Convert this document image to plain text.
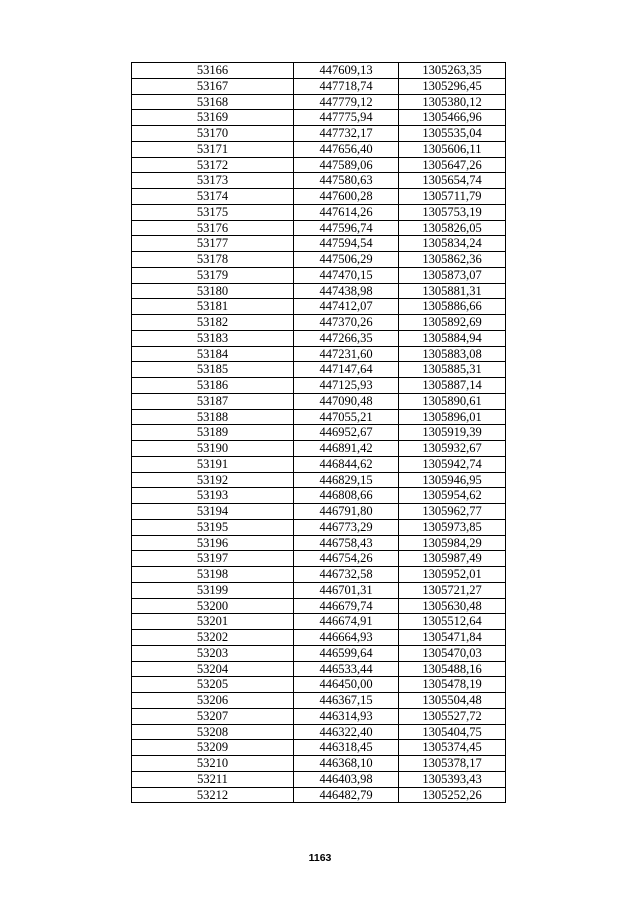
53166	447609,13	1305263,35
53167	447718,74	1305296,45
53168	447779,12	1305380,12
53169	447775,94	1305466,96
53170	447732,17	1305535,04
53171	447656,40	1305606,11
53172	447589,06	1305647,26
53173	447580,63	1305654,74
53174	447600,28	1305711,79
53175	447614,26	1305753,19
53176	447596,74	1305826,05
53177	447594,54	1305834,24
53178	447506,29	1305862,36
53179	447470,15	1305873,07
53180	447438,98	1305881,31
53181	447412,07	1305886,66
53182	447370,26	1305892,69
53183	447266,35	1305884,94
53184	447231,60	1305883,08
53185	447147,64	1305885,31
53186	447125,93	1305887,14
53187	447090,48	1305890,61
53188	447055,21	1305896,01
53189	446952,67	1305919,39
53190	446891,42	1305932,67
53191	446844,62	1305942,74
53192	446829,15	1305946,95
53193	446808,66	1305954,62
53194	446791,80	1305962,77
53195	446773,29	1305973,85
53196	446758,43	1305984,29
53197	446754,26	1305987,49
53198	446732,58	1305952,01
53199	446701,31	1305721,27
53200	446679,74	1305630,48
53201	446674,91	1305512,64
53202	446664,93	1305471,84
53203	446599,64	1305470,03
53204	446533,44	1305488,16
53205	446450,00	1305478,19
53206	446367,15	1305504,48
53207	446314,93	1305527,72
53208	446322,40	1305404,75
53209	446318,45	1305374,45
53210	446368,10	1305378,17
53211	446403,98	1305393,43
53212	446482,79	1305252,26
1163
